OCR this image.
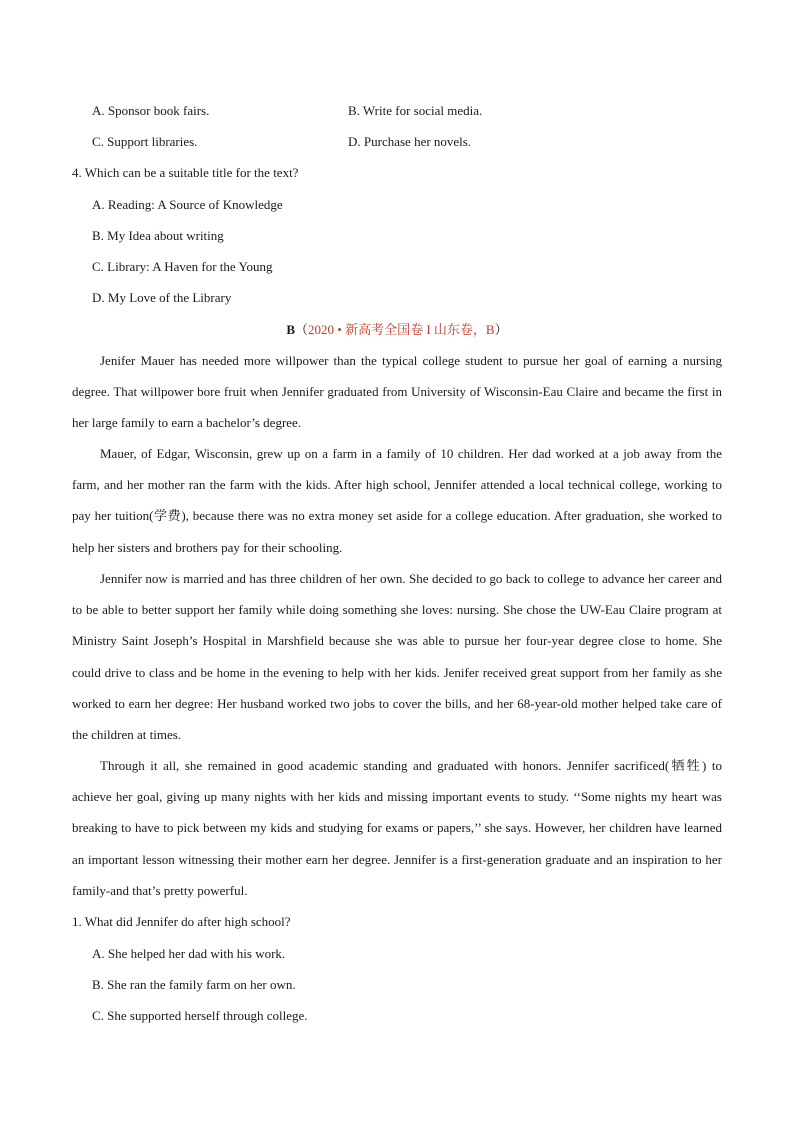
A. Sponsor book fairs.	B. Write for social media.
C. Support libraries.	D. Purchase her novels.
4. Which can be a suitable title for the text?
A. Reading: A Source of Knowledge
B. My Idea about writing
C. Library: A Haven for the Young
D. My Love of the Library
B（2020 • 新高考全国卷 I 山东卷，B）

Jenifer Mauer has needed more willpower than the typical college student to pursue her goal of earning a nursing degree. That willpower bore fruit when Jennifer graduated from University of Wisconsin-Eau Claire and became the first in her large family to earn a bachelor’s degree.

Mauer, of Edgar, Wisconsin, grew up on a farm in a family of 10 children. Her dad worked at a job away from the farm, and her mother ran the farm with the kids. After high school, Jennifer attended a local technical college, working to pay her tuition(学费), because there was no extra money set aside for a college education. After graduation, she worked to help her sisters and brothers pay for their schooling.

Jennifer now is married and has three children of her own. She decided to go back to college to advance her career and to be able to better support her family while doing something she loves: nursing. She chose the UW-Eau Claire program at Ministry Saint Joseph’s Hospital in Marshfield because she was able to pursue her four-year degree close to home. She could drive to class and be home in the evening to help with her kids. Jenifer received great support from her family as she worked to earn her degree: Her husband worked two jobs to cover the bills, and her 68-year-old mother helped take care of the children at times.

Through it all, she remained in good academic standing and graduated with honors. Jennifer sacrificed(牺牲) to achieve her goal, giving up many nights with her kids and missing important events to study. ‘‘Some nights my heart was breaking to have to pick between my kids and studying for exams or papers,’’ she says. However, her children have learned an important lesson witnessing their mother earn her degree. Jennifer is a first-generation graduate and an inspiration to her family-and that’s pretty powerful.

1. What did Jennifer do after high school?
A. She helped her dad with his work.
B. She ran the family farm on her own.
C. She supported herself through college.
